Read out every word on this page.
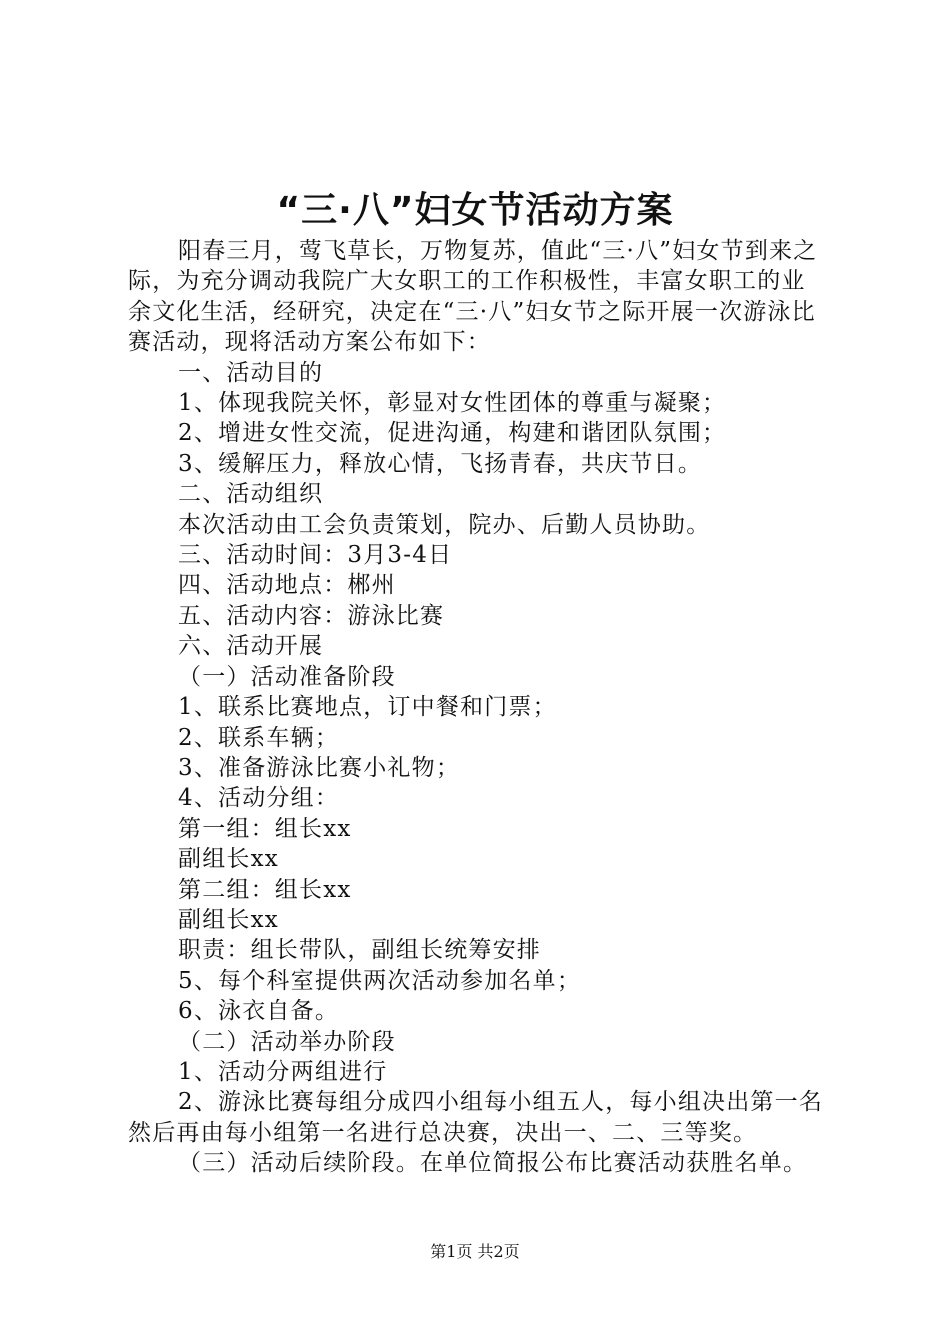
“三·八”妇女节活动方案

阳春三月，莺飞草长，万物复苏，值此“三·八”妇女节到来之际，为充分调动我院广大女职工的工作积极性，丰富女职工的业余文化生活，经研究，决定在“三·八”妇女节之际开展一次游泳比赛活动，现将活动方案公布如下：

一、活动目的

1、体现我院关怀，彰显对女性团体的尊重与凝聚；

2、增进女性交流，促进沟通，构建和谐团队氛围；

3、缓解压力，释放心情，飞扬青春，共庆节日。

二、活动组织

本次活动由工会负责策划，院办、后勤人员协助。

三、活动时间：3月3-4日

四、活动地点：郴州

五、活动内容：游泳比赛

六、活动开展

（一）活动准备阶段

1、联系比赛地点，订中餐和门票；

2、联系车辆；

3、准备游泳比赛小礼物；

4、活动分组：

第一组：组长xx

副组长xx

第二组：组长xx

副组长xx

职责：组长带队，副组长统筹安排

5、每个科室提供两次活动参加名单；

6、泳衣自备。

（二）活动举办阶段

1、活动分两组进行

2、游泳比赛每组分成四小组每小组五人，每小组决出第一名然后再由每小组第一名进行总决赛，决出一、二、三等奖。

（三）活动后续阶段。在单位简报公布比赛活动获胜名单。

第1页 共2页
